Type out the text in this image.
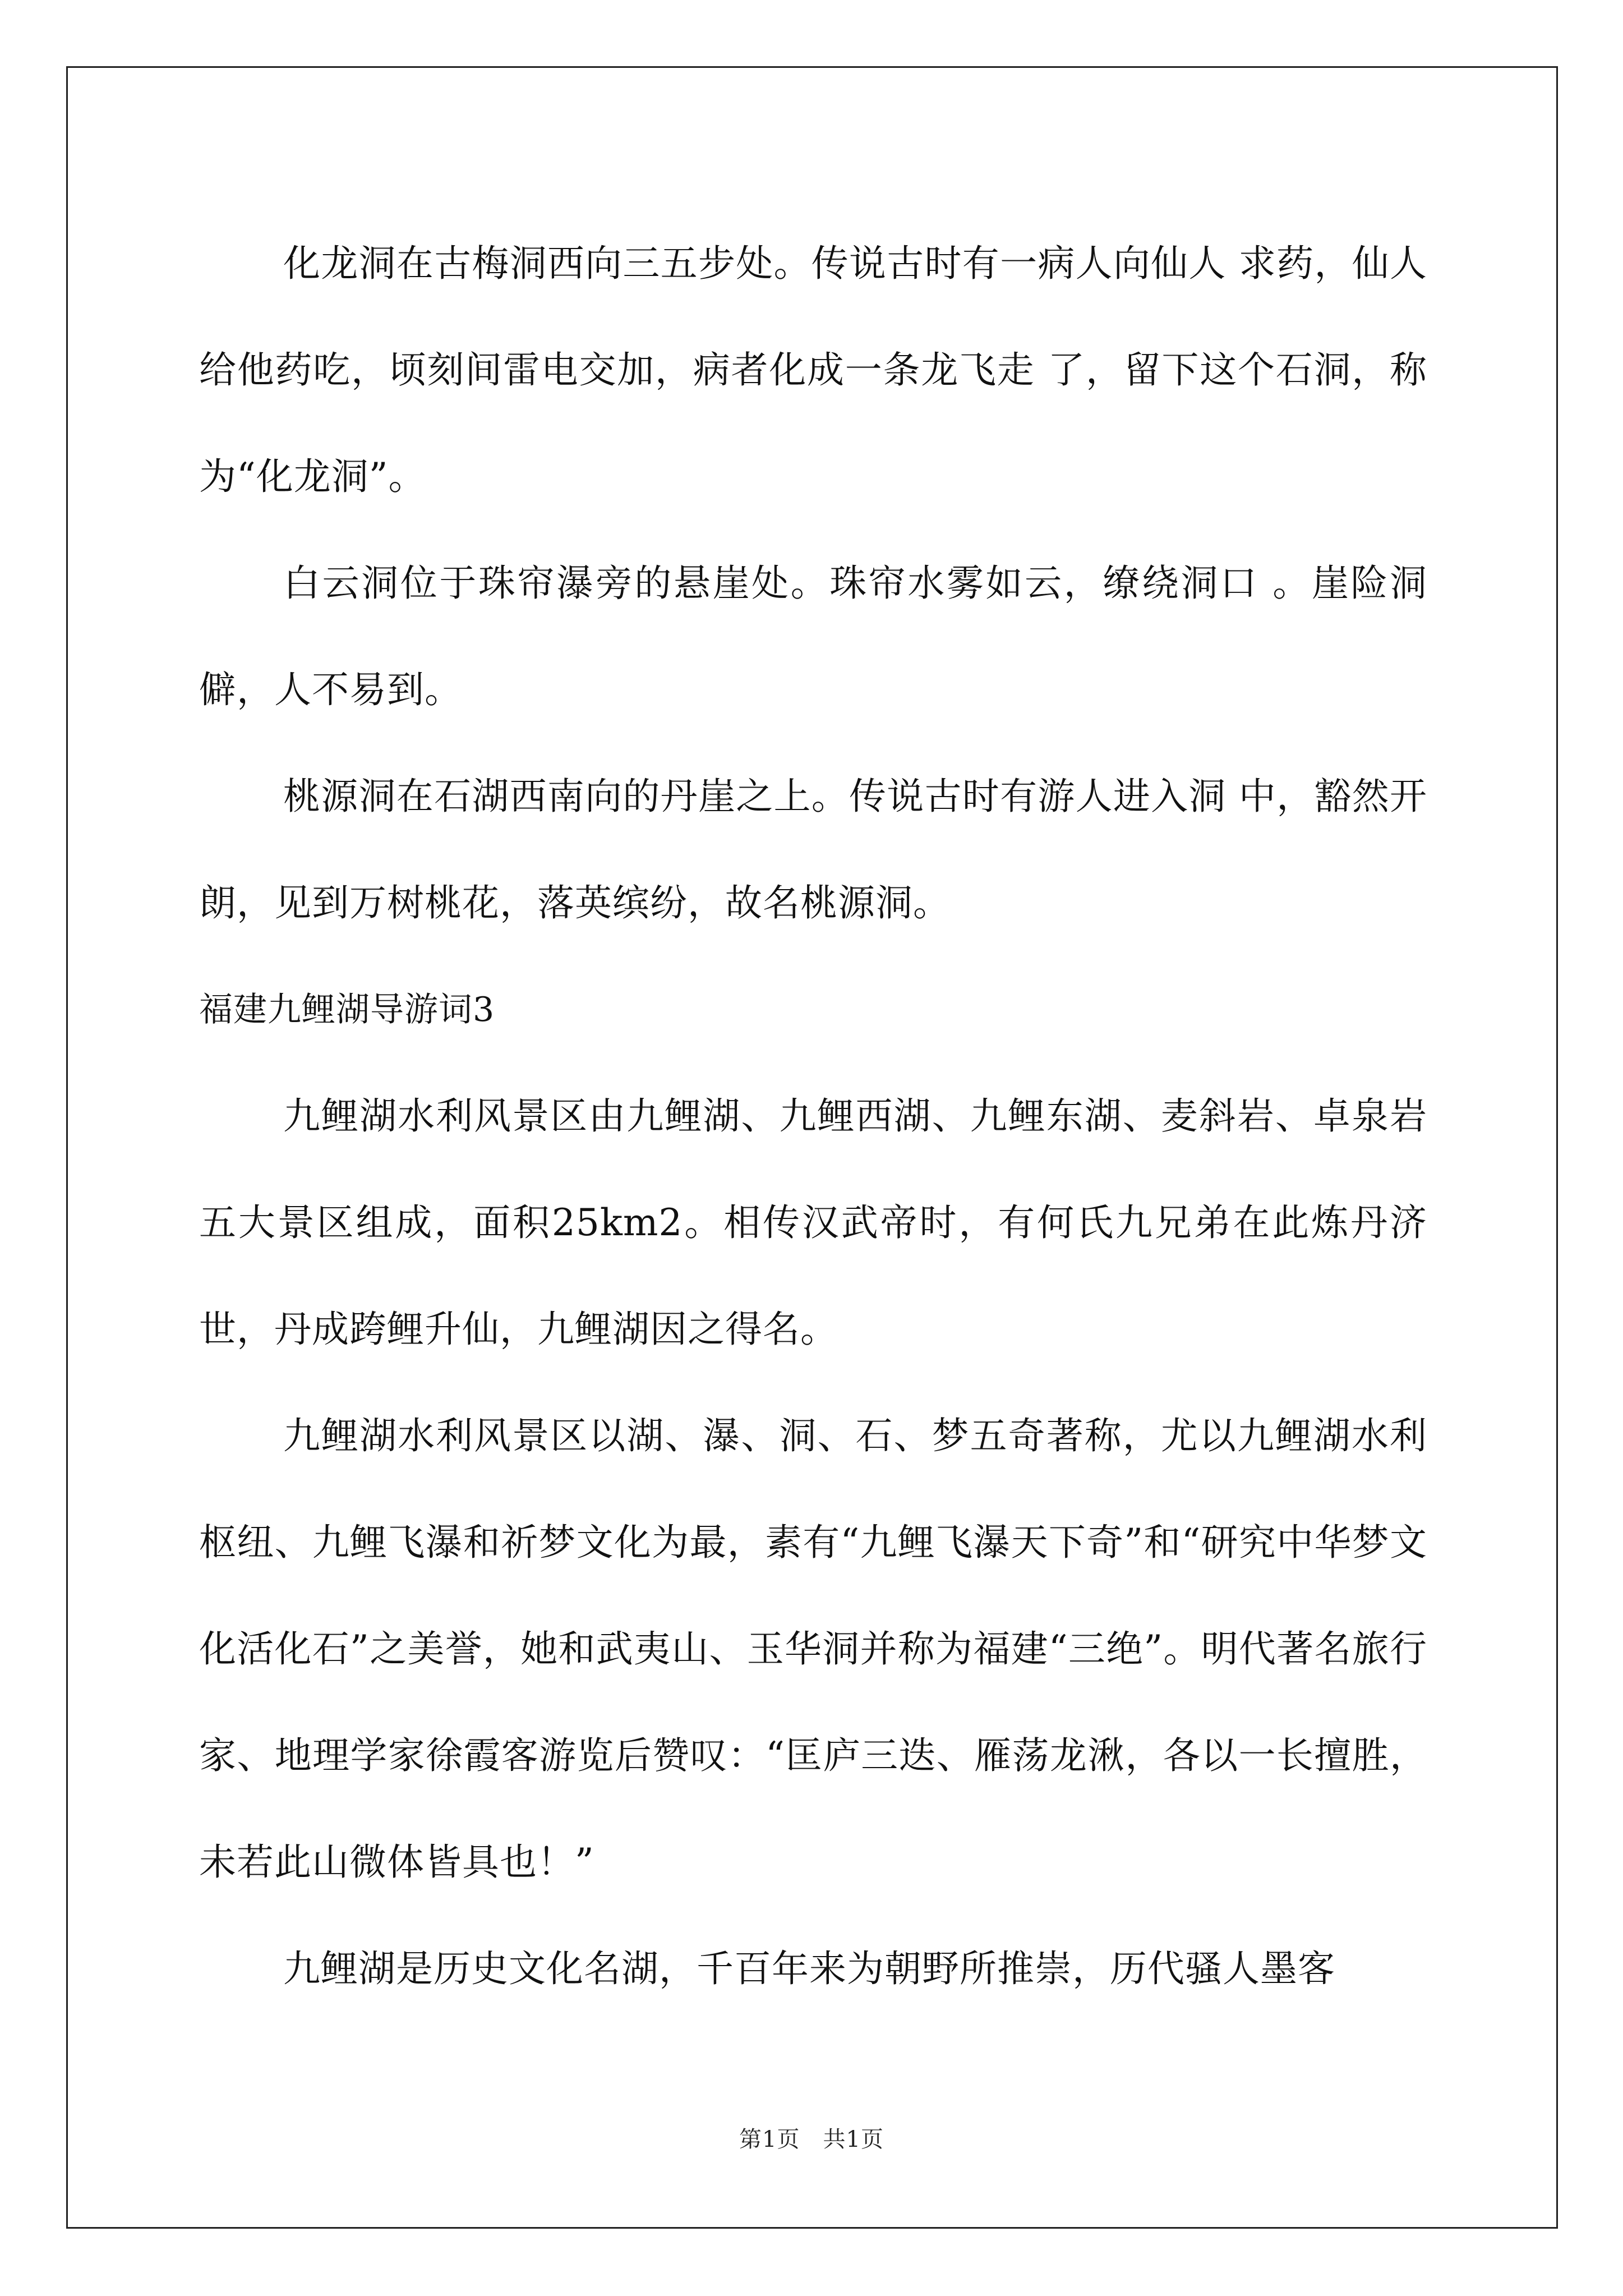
化龙洞在古梅洞西向三五步处。传说古时有一病人向仙人 求药，仙人给他药吃，顷刻间雷电交加，病者化成一条龙飞走 了，留下这个石洞，称为“化龙洞”。

白云洞位于珠帘瀑旁的悬崖处。珠帘水雾如云，缭绕洞口 。崖险洞僻，人不易到。

桃源洞在石湖西南向的丹崖之上。传说古时有游人进入洞 中，豁然开朗，见到万树桃花，落英缤纷，故名桃源洞。

福建九鲤湖导游词3

九鲤湖水利风景区由九鲤湖、九鲤西湖、九鲤东湖、麦斜岩、卓泉岩五大景区组成，面积25km2。相传汉武帝时，有何氏九兄弟在此炼丹济世，丹成跨鲤升仙，九鲤湖因之得名。

九鲤湖水利风景区以湖、瀑、洞、石、梦五奇著称，尤以九鲤湖水利枢纽、九鲤飞瀑和祈梦文化为最，素有“九鲤飞瀑天下奇”和“研究中华梦文化活化石”之美誉，她和武夷山、玉华洞并称为福建“三绝”。明代著名旅行家、地理学家徐霞客游览后赞叹：“匡庐三迭、雁荡龙湫，各以一长擅胜，未若此山微体皆具也！”

九鲤湖是历史文化名湖，千百年来为朝野所推崇，历代骚人墨客

第1页　共1页
